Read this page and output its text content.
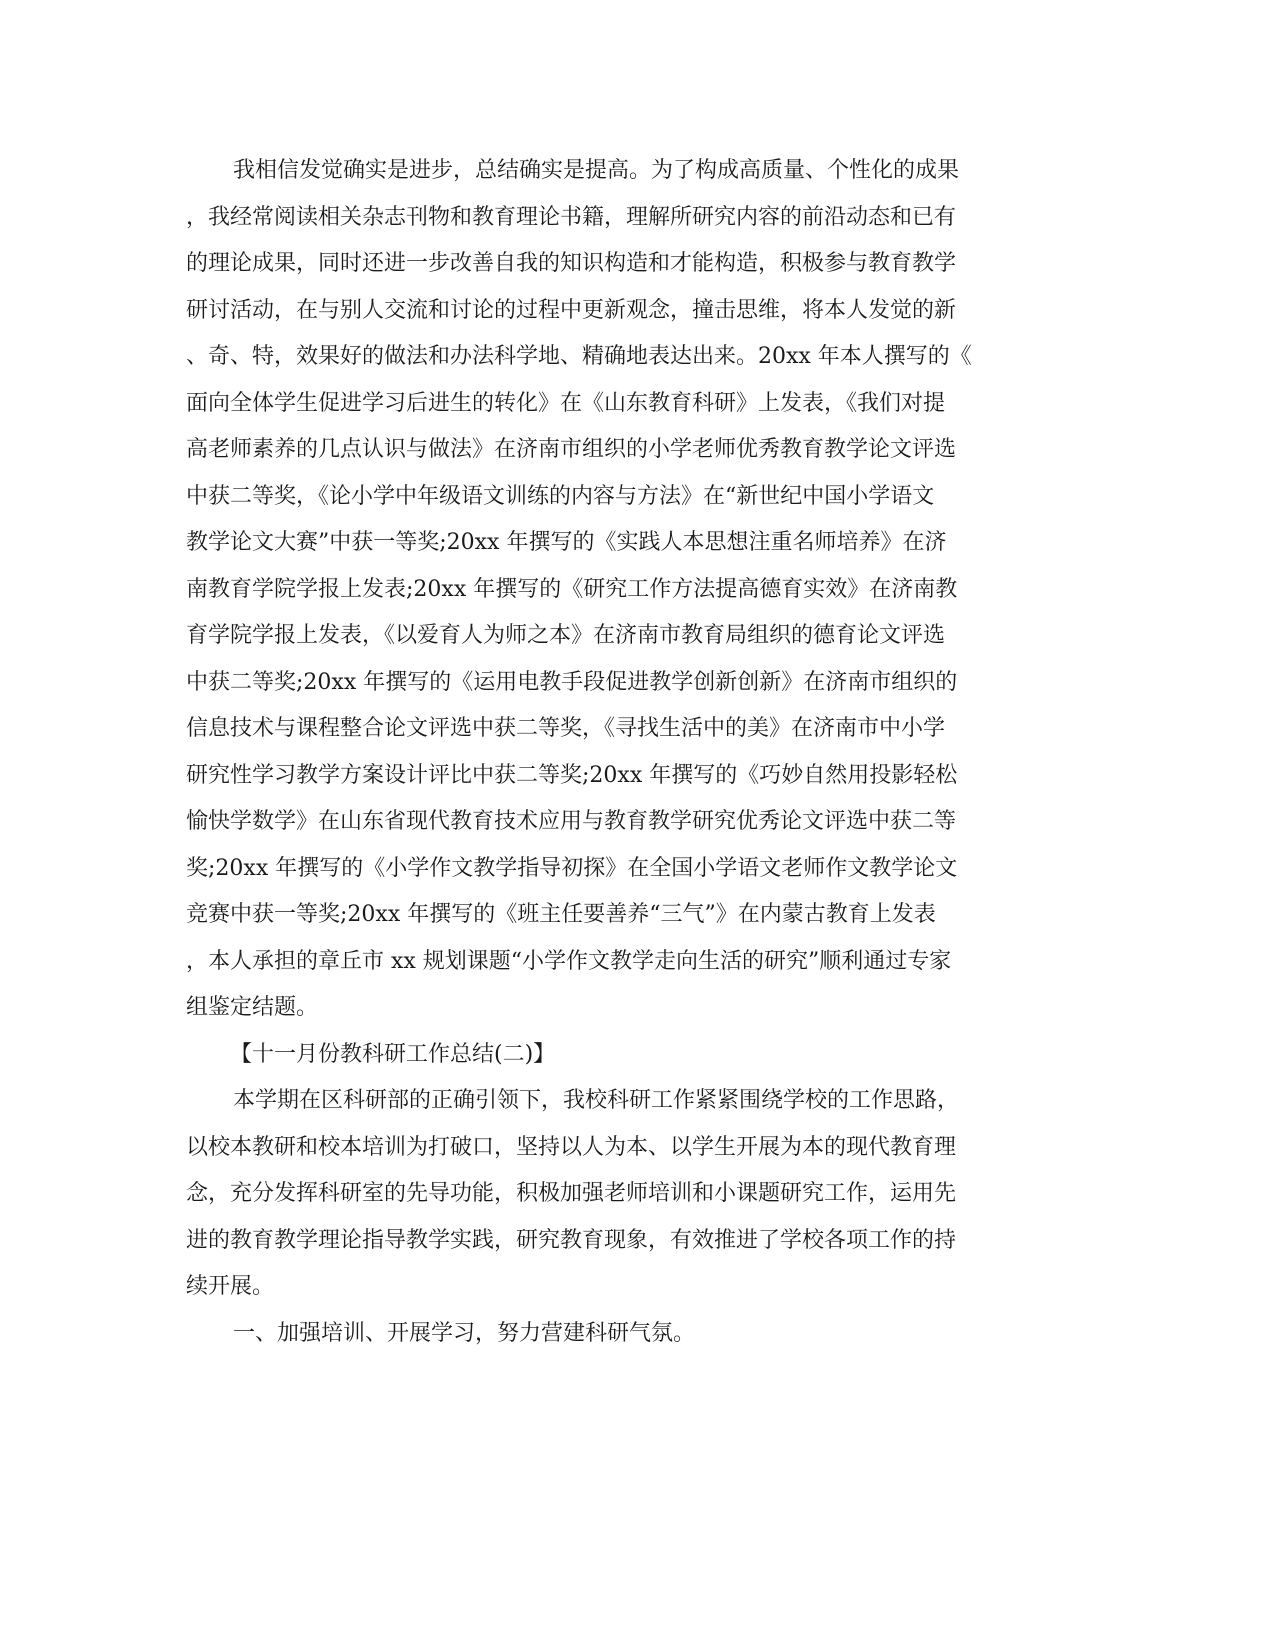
我相信发觉确实是进步，总结确实是提高。为了构成高质量、个性化的成果

，我经常阅读相关杂志刊物和教育理论书籍，理解所研究内容的前沿动态和已有

的理论成果，同时还进一步改善自我的知识构造和才能构造，积极参与教育教学

研讨活动，在与别人交流和讨论的过程中更新观念，撞击思维，将本人发觉的新

、奇、特，效果好的做法和办法科学地、精确地表达出来。20xx 年本人撰写的《

面向全体学生促进学习后进生的转化》在《山东教育科研》上发表，《我们对提

高老师素养的几点认识与做法》在济南市组织的小学老师优秀教育教学论文评选

中获二等奖，《论小学中年级语文训练的内容与方法》在“新世纪中国小学语文

教学论文大赛”中获一等奖;20xx 年撰写的《实践人本思想注重名师培养》在济

南教育学院学报上发表;20xx 年撰写的《研究工作方法提高德育实效》在济南教

育学院学报上发表，《以爱育人为师之本》在济南市教育局组织的德育论文评选

中获二等奖;20xx 年撰写的《运用电教手段促进教学创新创新》在济南市组织的

信息技术与课程整合论文评选中获二等奖，《寻找生活中的美》在济南市中小学

研究性学习教学方案设计评比中获二等奖;20xx 年撰写的《巧妙自然用投影轻松

愉快学数学》在山东省现代教育技术应用与教育教学研究优秀论文评选中获二等

奖;20xx 年撰写的《小学作文教学指导初探》在全国小学语文老师作文教学论文

竞赛中获一等奖;20xx 年撰写的《班主任要善养“三气”》在内蒙古教育上发表

，本人承担的章丘市 xx 规划课题“小学作文教学走向生活的研究”顺利通过专家

组鉴定结题。

【十一月份教科研工作总结(二)】

本学期在区科研部的正确引领下，我校科研工作紧紧围绕学校的工作思路，

以校本教研和校本培训为打破口，坚持以人为本、以学生开展为本的现代教育理

念，充分发挥科研室的先导功能，积极加强老师培训和小课题研究工作，运用先

进的教育教学理论指导教学实践，研究教育现象，有效推进了学校各项工作的持

续开展。

一、加强培训、开展学习，努力营建科研气氛。
